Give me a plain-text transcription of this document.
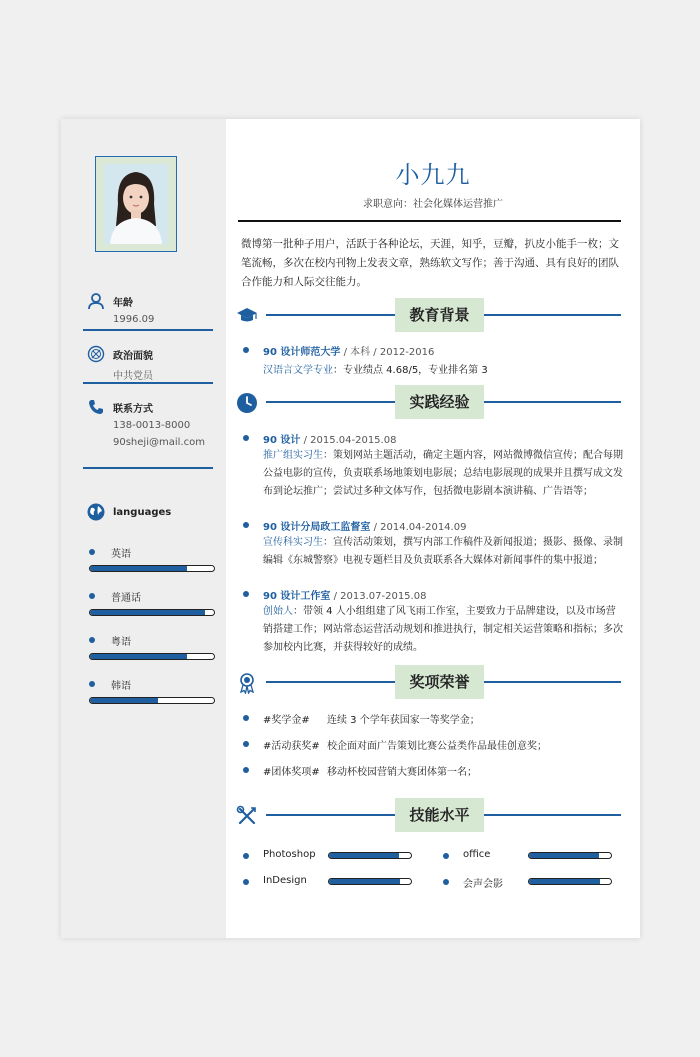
年龄
1996.09
政治面貌
中共党员
联系方式
138-0013-8000
90sheji@mail.com
languages
英语
普通话
粤语
韩语
小九九
求职意向：社会化媒体运营推广
微博第一批种子用户，活跃于各种论坛，天涯，知乎，豆瓣，扒皮小能手一枚；文笔流畅，多次在校内刊物上发表文章，熟练软文写作；善于沟通、具有良好的团队合作能力和人际交往能力。
教育背景
90 设计师范大学 / 本科 / 2012-2016
汉语言文学专业：专业绩点 4.68/5，专业排名第 3
实践经验
90 设计 / 2015.04-2015.08
推广组实习生：策划网站主题活动，确定主题内容，网站微博微信宣传；配合每期公益电影的宣传，负责联系场地策划电影展；总结电影展现的成果并且撰写成文发布到论坛推广；尝试过多种文体写作，包括微电影剧本演讲稿、广告语等；
90 设计分局政工监督室 / 2014.04-2014.09
宣传科实习生：宣传活动策划，撰写内部工作稿件及新闻报道；摄影、摄像、录制编辑《东城警察》电视专题栏目及负责联系各大媒体对新闻事件的集中报道；
90 设计工作室 / 2013.07-2015.08
创始人：带领 4 人小组组建了风飞雨工作室，主要致力于品牌建设，以及市场营销搭建工作；网站常态运营活动规划和推进执行，制定相关运营策略和指标；多次参加校内比赛，并获得较好的成绩。
奖项荣誉
#奖学金# 连续 3 个学年获国家一等奖学金；
#活动获奖# 校企面对面广告策划比赛公益类作品最佳创意奖；
#团体奖项# 移动杯校园营销大赛团体第一名；
技能水平
Photoshop	office
InDesign	会声会影
